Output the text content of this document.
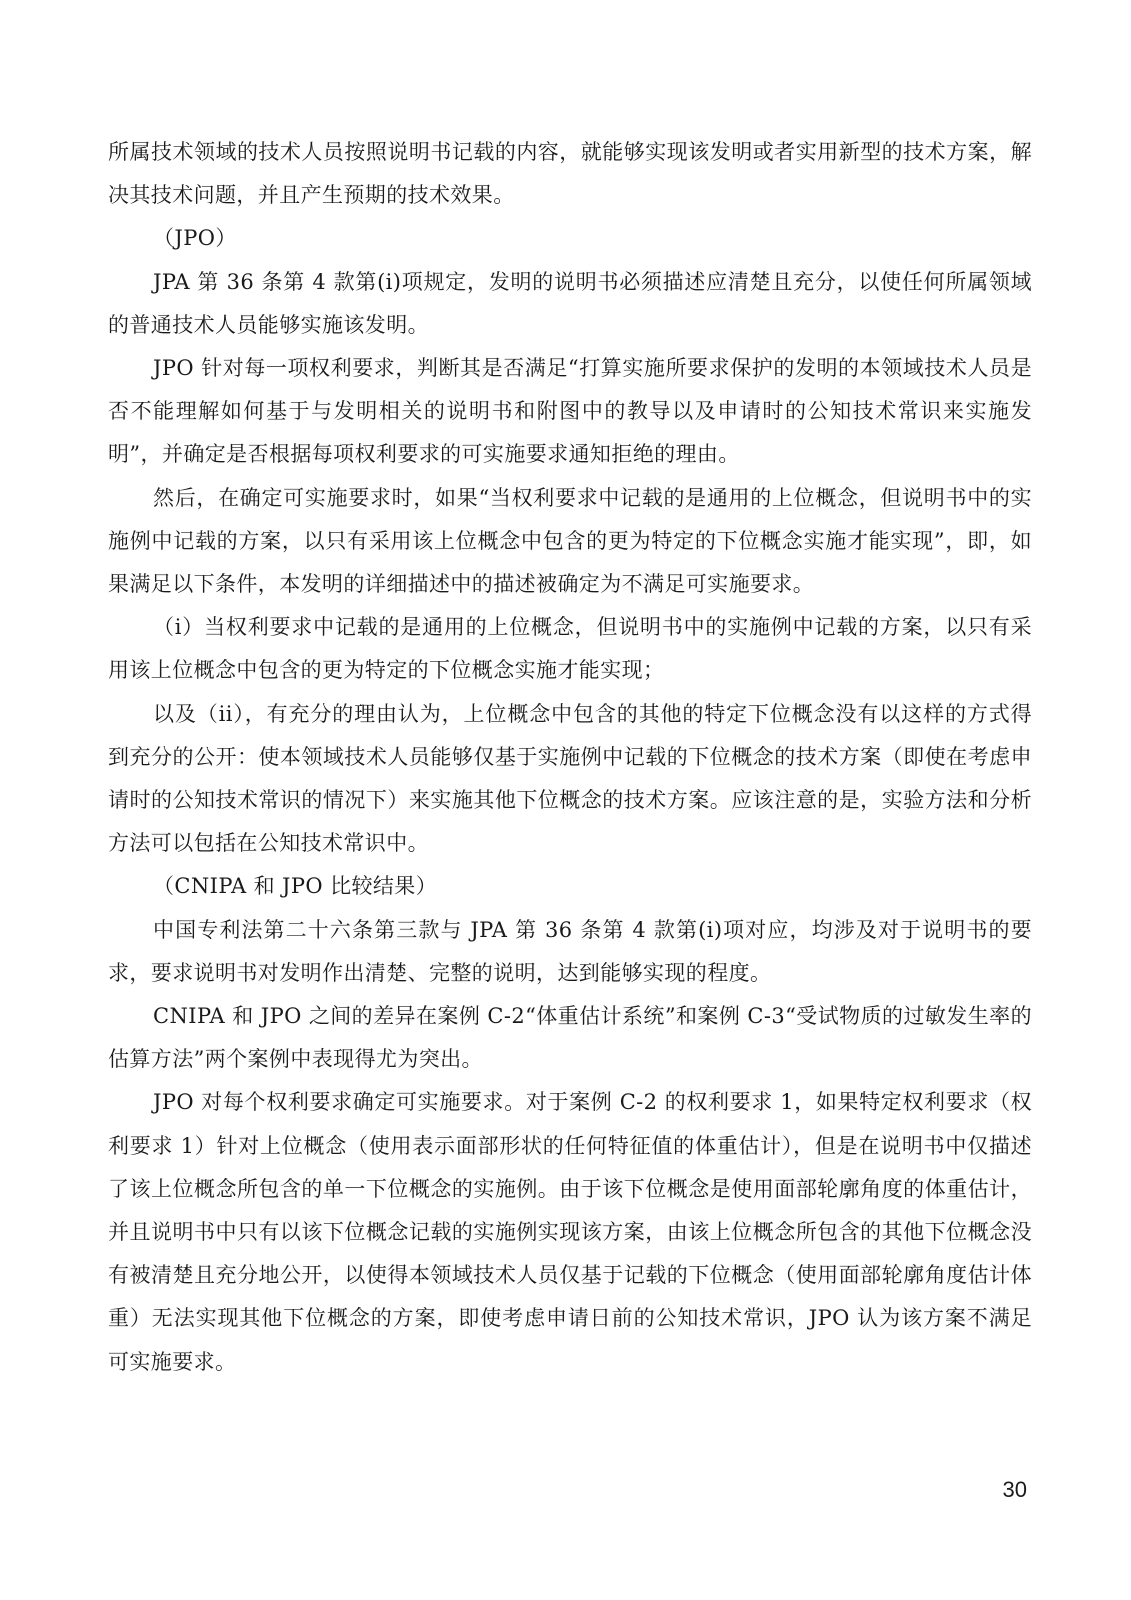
所属技术领域的技术人员按照说明书记载的内容，就能够实现该发明或者实用新型的技术方案，解决其技术问题，并且产生预期的技术效果。

（JPO）

JPA 第 36 条第 4 款第(i)项规定，发明的说明书必须描述应清楚且充分，以使任何所属领域的普通技术人员能够实施该发明。

JPO 针对每一项权利要求，判断其是否满足“打算实施所要求保护的发明的本领域技术人员是否不能理解如何基于与发明相关的说明书和附图中的教导以及申请时的公知技术常识来实施发明”，并确定是否根据每项权利要求的可实施要求通知拒绝的理由。

然后，在确定可实施要求时，如果“当权利要求中记载的是通用的上位概念，但说明书中的实施例中记载的方案，以只有采用该上位概念中包含的更为特定的下位概念实施才能实现”，即，如果满足以下条件，本发明的详细描述中的描述被确定为不满足可实施要求。

（i）当权利要求中记载的是通用的上位概念，但说明书中的实施例中记载的方案，以只有采用该上位概念中包含的更为特定的下位概念实施才能实现；

以及（ii），有充分的理由认为，上位概念中包含的其他的特定下位概念没有以这样的方式得到充分的公开：使本领域技术人员能够仅基于实施例中记载的下位概念的技术方案（即使在考虑申请时的公知技术常识的情况下）来实施其他下位概念的技术方案。应该注意的是，实验方法和分析方法可以包括在公知技术常识中。

（CNIPA 和 JPO 比较结果）

中国专利法第二十六条第三款与 JPA 第 36 条第 4 款第(i)项对应，均涉及对于说明书的要求，要求说明书对发明作出清楚、完整的说明，达到能够实现的程度。

CNIPA 和 JPO 之间的差异在案例 C-2“体重估计系统”和案例 C-3“受试物质的过敏发生率的估算方法”两个案例中表现得尤为突出。

JPO 对每个权利要求确定可实施要求。对于案例 C-2 的权利要求 1，如果特定权利要求（权利要求 1）针对上位概念（使用表示面部形状的任何特征值的体重估计），但是在说明书中仅描述了该上位概念所包含的单一下位概念的实施例。由于该下位概念是使用面部轮廓角度的体重估计，并且说明书中只有以该下位概念记载的实施例实现该方案，由该上位概念所包含的其他下位概念没有被清楚且充分地公开，以使得本领域技术人员仅基于记载的下位概念（使用面部轮廓角度估计体重）无法实现其他下位概念的方案，即使考虑申请日前的公知技术常识，JPO 认为该方案不满足可实施要求。

30
